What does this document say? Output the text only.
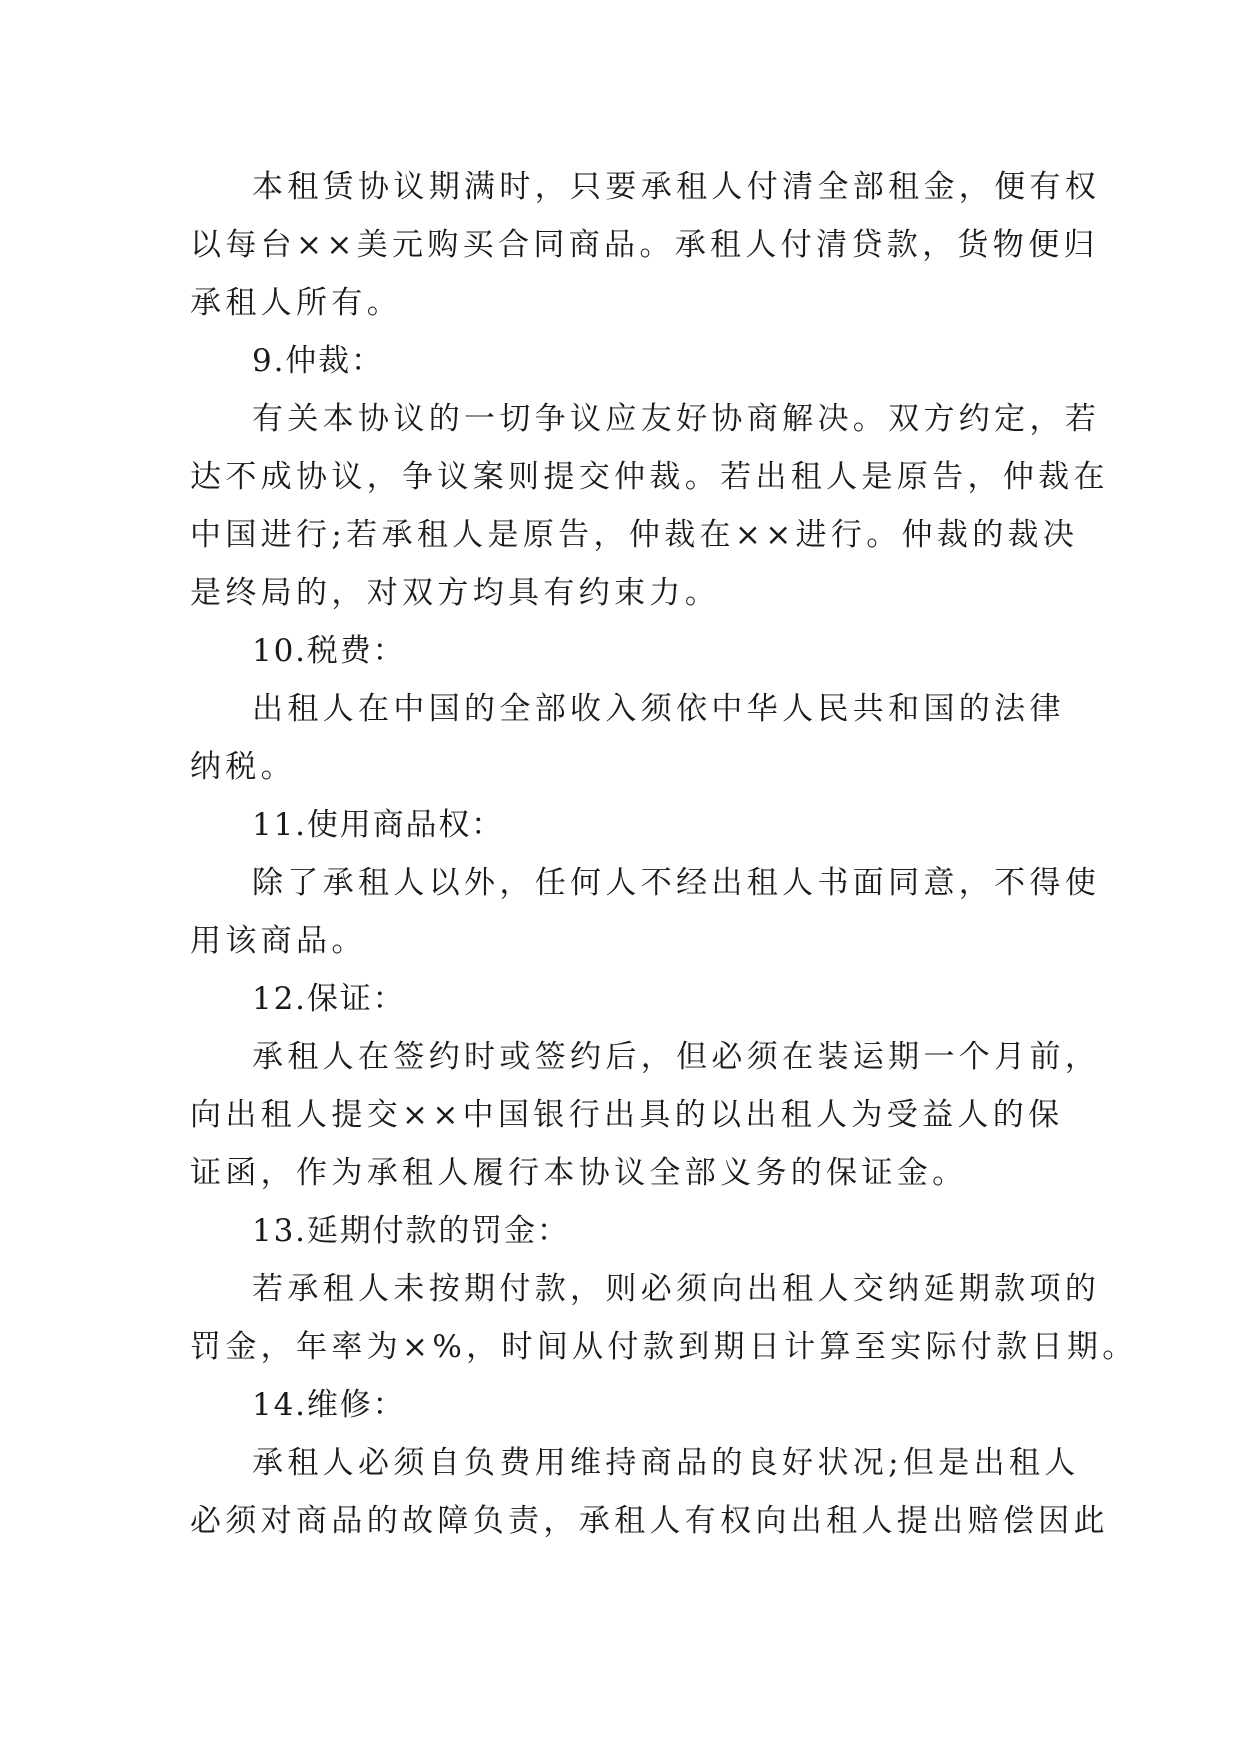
本租赁协议期满时，只要承租人付清全部租金，便有权
以每台××美元购买合同商品。承租人付清贷款，货物便归
承租人所有。
9.仲裁：
有关本协议的一切争议应友好协商解决。双方约定，若
达不成协议，争议案则提交仲裁。若出租人是原告，仲裁在
中国进行;若承租人是原告，仲裁在××进行。仲裁的裁决
是终局的，对双方均具有约束力。
10.税费：
出租人在中国的全部收入须依中华人民共和国的法律
纳税。
11.使用商品权：
除了承租人以外，任何人不经出租人书面同意，不得使
用该商品。
12.保证：
承租人在签约时或签约后，但必须在装运期一个月前，
向出租人提交××中国银行出具的以出租人为受益人的保
证函，作为承租人履行本协议全部义务的保证金。
13.延期付款的罚金：
若承租人未按期付款，则必须向出租人交纳延期款项的
罚金，年率为×%，时间从付款到期日计算至实际付款日期。
14.维修：
承租人必须自负费用维持商品的良好状况;但是出租人
必须对商品的故障负责，承租人有权向出租人提出赔偿因此
